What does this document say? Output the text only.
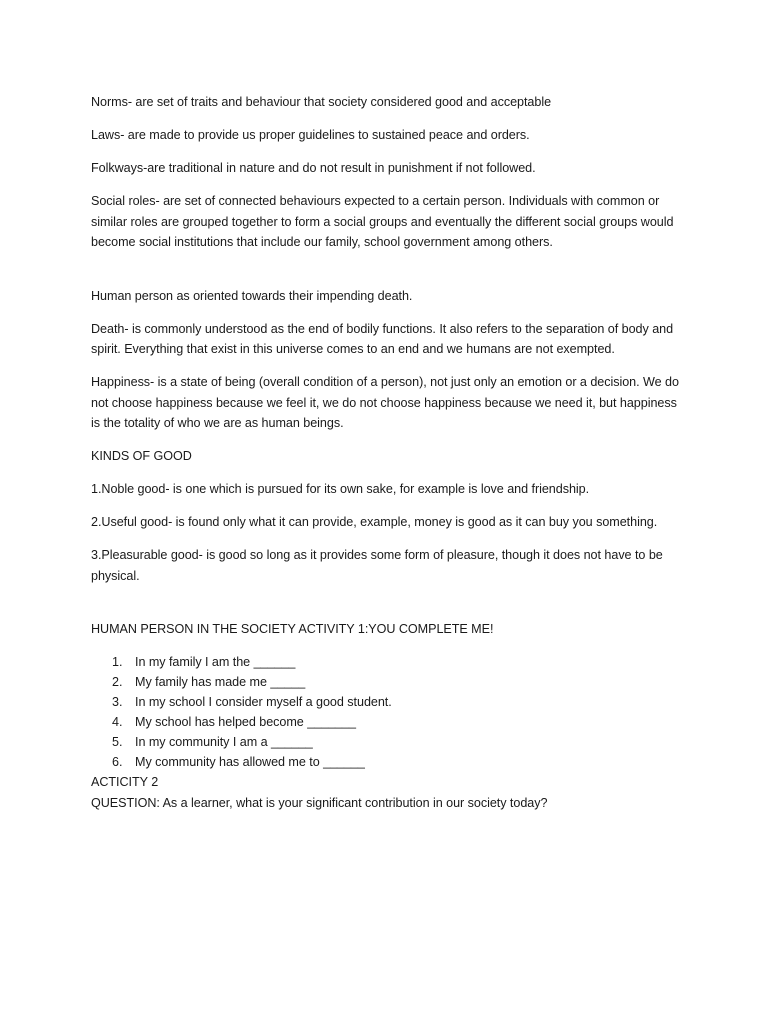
Norms- are set of traits and behaviour that society considered good and acceptable

Laws- are made to provide us proper guidelines to sustained peace and orders.

Folkways-are traditional in nature and do not result in punishment if not followed.

Social roles- are set of connected behaviours expected to a certain person. Individuals with common or similar roles are grouped together to form a social groups and eventually the different social groups would become social institutions that include our family, school government among others.

Human person as oriented towards their impending death.

Death- is commonly understood as the end of bodily functions. It also refers to the separation of body and spirit. Everything that exist in this universe comes to an end and we humans are not exempted.

Happiness- is a state of being (overall condition of a person), not just only an emotion or a decision. We do not choose happiness because we feel it, we do not choose happiness because we need it, but happiness is the totality of who we are as human beings.

KINDS OF GOOD

1.Noble good- is one which is pursued for its own sake, for example is love and friendship.

2.Useful good- is found only what it can provide, example, money is good as it can buy you something.

3.Pleasurable good- is good so long as it provides some form of pleasure, though it does not have to be physical.

HUMAN PERSON IN THE SOCIETY ACTIVITY 1:YOU COMPLETE ME!

1. In my family I am the ______
2. My family has made me _____
3. In my school I consider myself a good student.
4. My school has helped become _______
5. In my community I am a ______
6. My community has allowed me to ______

ACTICITY 2

QUESTION: As a learner, what is your significant contribution in our society today?
